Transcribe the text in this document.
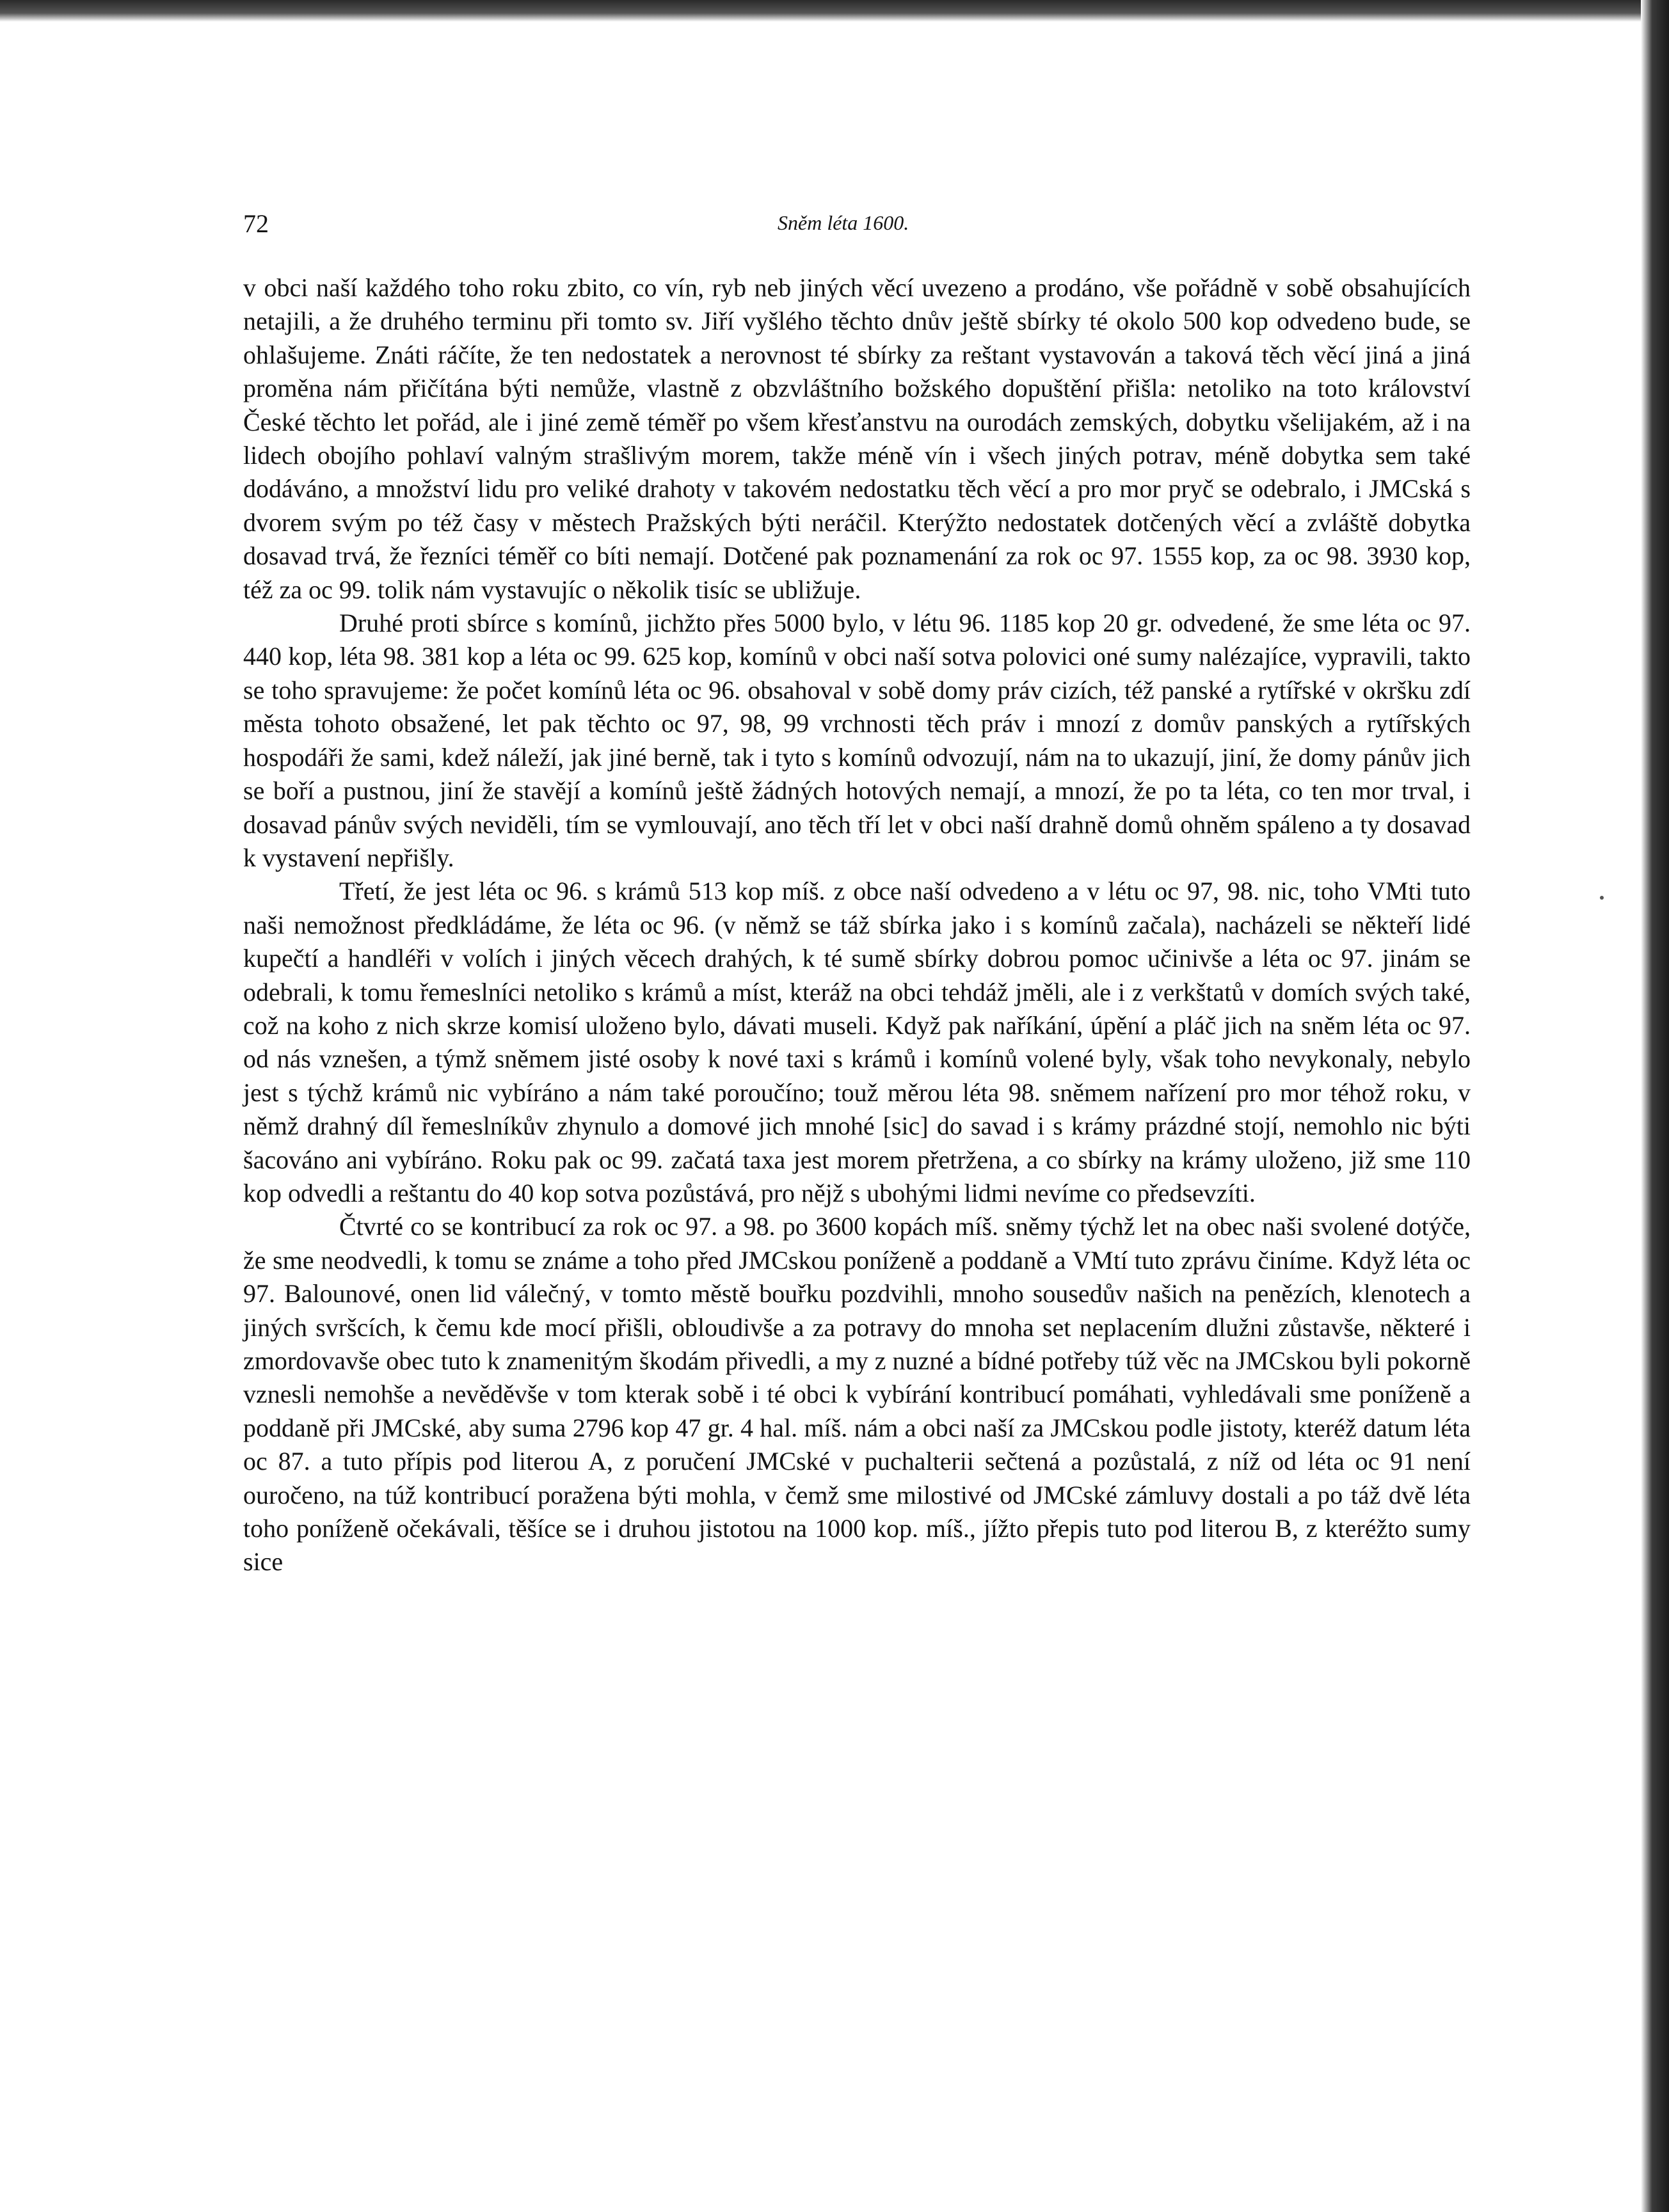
72	Sněm léta 1600.

v obci naší každého toho roku zbito, co vín, ryb neb jiných věcí uvezeno a prodáno, vše pořádně v sobě obsahujících netajili, a že druhého terminu při tomto sv. Jiří vyšlého těchto dnův ještě sbírky té okolo 500 kop odvedeno bude, se ohlašujeme. Znáti ráčíte, že ten nedostatek a nerovnost té sbírky za reštant vystavován a taková těch věcí jiná a jiná proměna nám přičítána býti nemůže, vlastně z obzvláštního božského dopuštění přišla: netoliko na toto království České těchto let pořád, ale i jiné země téměř po všem křesťanstvu na ourodách zemských, dobytku všelijakém, až i na lidech obojího pohlaví valným strašlivým morem, takže méně vín i všech jiných potrav, méně dobytka sem také dodáváno, a množství lidu pro veliké drahoty v takovém nedostatku těch věcí a pro mor pryč se odebralo, i JMCská s dvorem svým po též časy v městech Pražských býti neráčil. Kterýžto nedostatek dotčených věcí a zvláště dobytka dosavad trvá, že řezníci téměř co bíti nemají. Dotčené pak poznamenání za rok oc 97. 1555 kop, za oc 98. 3930 kop, též za oc 99. tolik nám vystavujíc o několik tisíc se ubližuje.

Druhé proti sbírce s komínů, jichžto přes 5000 bylo, v létu 96. 1185 kop 20 gr. odvedené, že sme léta oc 97. 440 kop, léta 98. 381 kop a léta oc 99. 625 kop, komínů v obci naší sotva polovici oné sumy nalézajíce, vypravili, takto se toho spravujeme: že počet komínů léta oc 96. obsahoval v sobě domy práv cizích, též panské a rytířské v okršku zdí města tohoto obsažené, let pak těchto oc 97, 98, 99 vrchnosti těch práv i mnozí z domův panských a rytířských hospodáři že sami, kdež náleží, jak jiné berně, tak i tyto s komínů odvozují, nám na to ukazují, jiní, že domy pánův jich se boří a pustnou, jiní že stavějí a komínů ještě žádných hotových nemají, a mnozí, že po ta léta, co ten mor trval, i dosavad pánův svých neviděli, tím se vymlouvají, ano těch tří let v obci naší drahně domů ohněm spáleno a ty dosavad k vystavení nepřišly.

Třetí, že jest léta oc 96. s krámů 513 kop míš. z obce naší odvedeno a v létu oc 97, 98. nic, toho VMti tuto naši nemožnost předkládáme, že léta oc 96. (v němž se táž sbírka jako i s komínů začala), nacházeli se někteří lidé kupečtí a handléři v volích i jiných věcech drahých, k té sumě sbírky dobrou pomoc učinivše a léta oc 97. jinám se odebrali, k tomu řemeslníci netoliko s krámů a míst, kteráž na obci tehdáž jměli, ale i z verkštatů v domích svých také, což na koho z nich skrze komisí uloženo bylo, dávati museli. Když pak naříkání, úpění a pláč jich na sněm léta oc 97. od nás vznešen, a týmž sněmem jisté osoby k nové taxi s krámů i komínů volené byly, však toho nevykonaly, nebylo jest s týchž krámů nic vybíráno a nám také poroučíno; touž měrou léta 98. sněmem nařízení pro mor téhož roku, v němž drahný díl řemeslníkův zhynulo a domové jich mnohé [sic] do savad i s krámy prázdné stojí, nemohlo nic býti šacováno ani vybíráno. Roku pak oc 99. začatá taxa jest morem přetržena, a co sbírky na krámy uloženo, již sme 110 kop odvedli a reštantu do 40 kop sotva pozůstává, pro nějž s ubohými lidmi nevíme co předsevzíti.

Čtvrté co se kontribucí za rok oc 97. a 98. po 3600 kopách míš. sněmy týchž let na obec naši svolené dotýče, že sme neodvedli, k tomu se známe a toho před JMCskou poníženě a poddaně a VMtí tuto zprávu činíme. Když léta oc 97. Balounové, onen lid válečný, v tomto městě bouřku pozdvihli, mnoho sousedův našich na penězích, klenotech a jiných svršcích, k čemu kde mocí přišli, obloudivše a za potravy do mnoha set neplacením dlužni zůstavše, některé i zmordovavše obec tuto k znamenitým škodám přivedli, a my z nuzné a bídné potřeby túž věc na JMCskou byli pokorně vznesli nemohše a nevěděvše v tom kterak sobě i té obci k vybírání kontribucí pomáhati, vyhledávali sme poníženě a poddaně při JMCské, aby suma 2796 kop 47 gr. 4 hal. míš. nám a obci naší za JMCskou podle jistoty, kteréž datum léta oc 87. a tuto přípis pod literou A, z poručení JMCské v puchalterii sečtená a pozůstalá, z níž od léta oc 91 není ouročeno, na túž kontribucí poražena býti mohla, v čemž sme milostivé od JMCské zámluvy dostali a po táž dvě léta toho poníženě očekávali, těšíce se i druhou jistotou na 1000 kop. míš., jížto přepis tuto pod literou B, z kteréžto sumy sice
